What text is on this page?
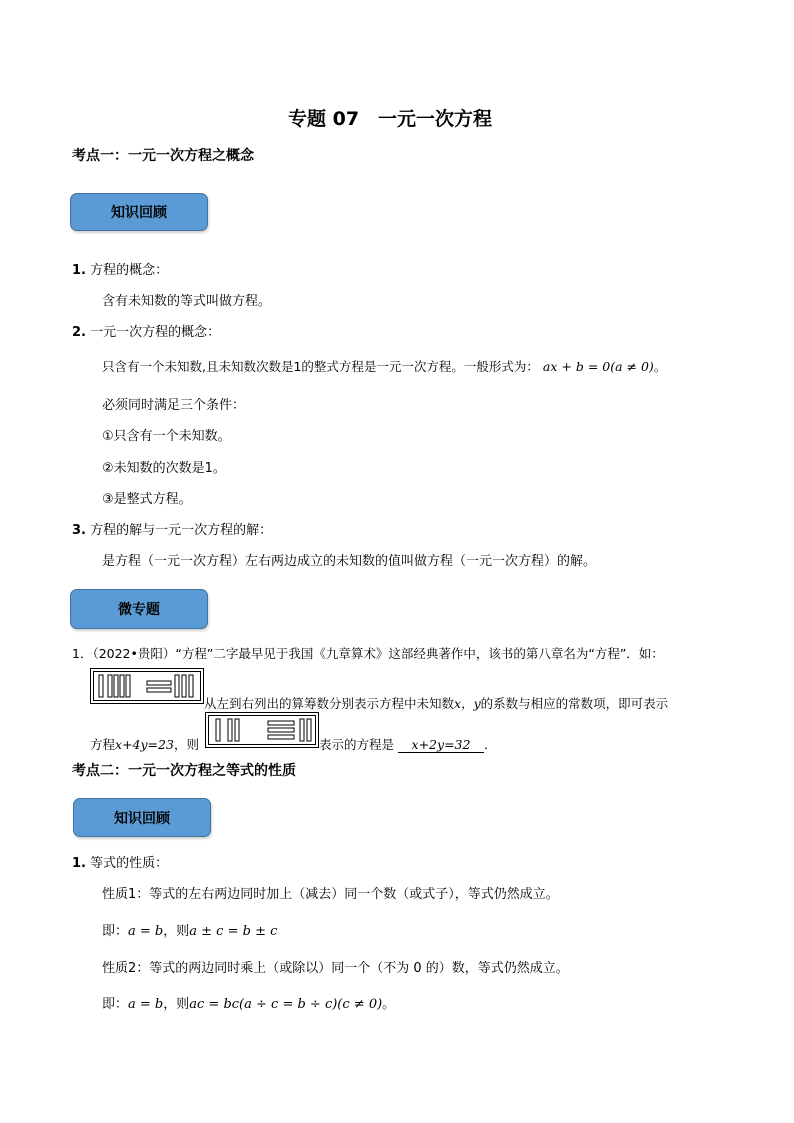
专题 07　一元一次方程
考点一：一元一次方程之概念
知识回顾
1. 方程的概念：
含有未知数的等式叫做方程。
2. 一元一次方程的概念：
只含有一个未知数,且未知数次数是1的整式方程是一元一次方程。一般形式为： ax + b = 0(a ≠ 0)。
必须同时满足三个条件：
①只含有一个未知数。
②未知数的次数是1。
③是整式方程。
3. 方程的解与一元一次方程的解：
是方程（一元一次方程）左右两边成立的未知数的值叫做方程（一元一次方程）的解。
微专题
1．（2022•贵阳）“方程”二字最早见于我国《九章算术》这部经典著作中，该书的第八章名为“方程”．如：
从左到右列出的算筹数分别表示方程中未知数x，y的系数与相应的常数项，即可表示
方程x+4y=23，则	表示的方程是 x+2y=32 ．
考点二：一元一次方程之等式的性质
知识回顾
1. 等式的性质：
性质1：等式的左右两边同时加上（减去）同一个数（或式子），等式仍然成立。
即：a = b，则a ± c = b ± c
性质2：等式的两边同时乘上（或除以）同一个（不为 0 的）数，等式仍然成立。
即：a = b，则ac = bc(a ÷ c = b ÷ c)(c ≠ 0)。
